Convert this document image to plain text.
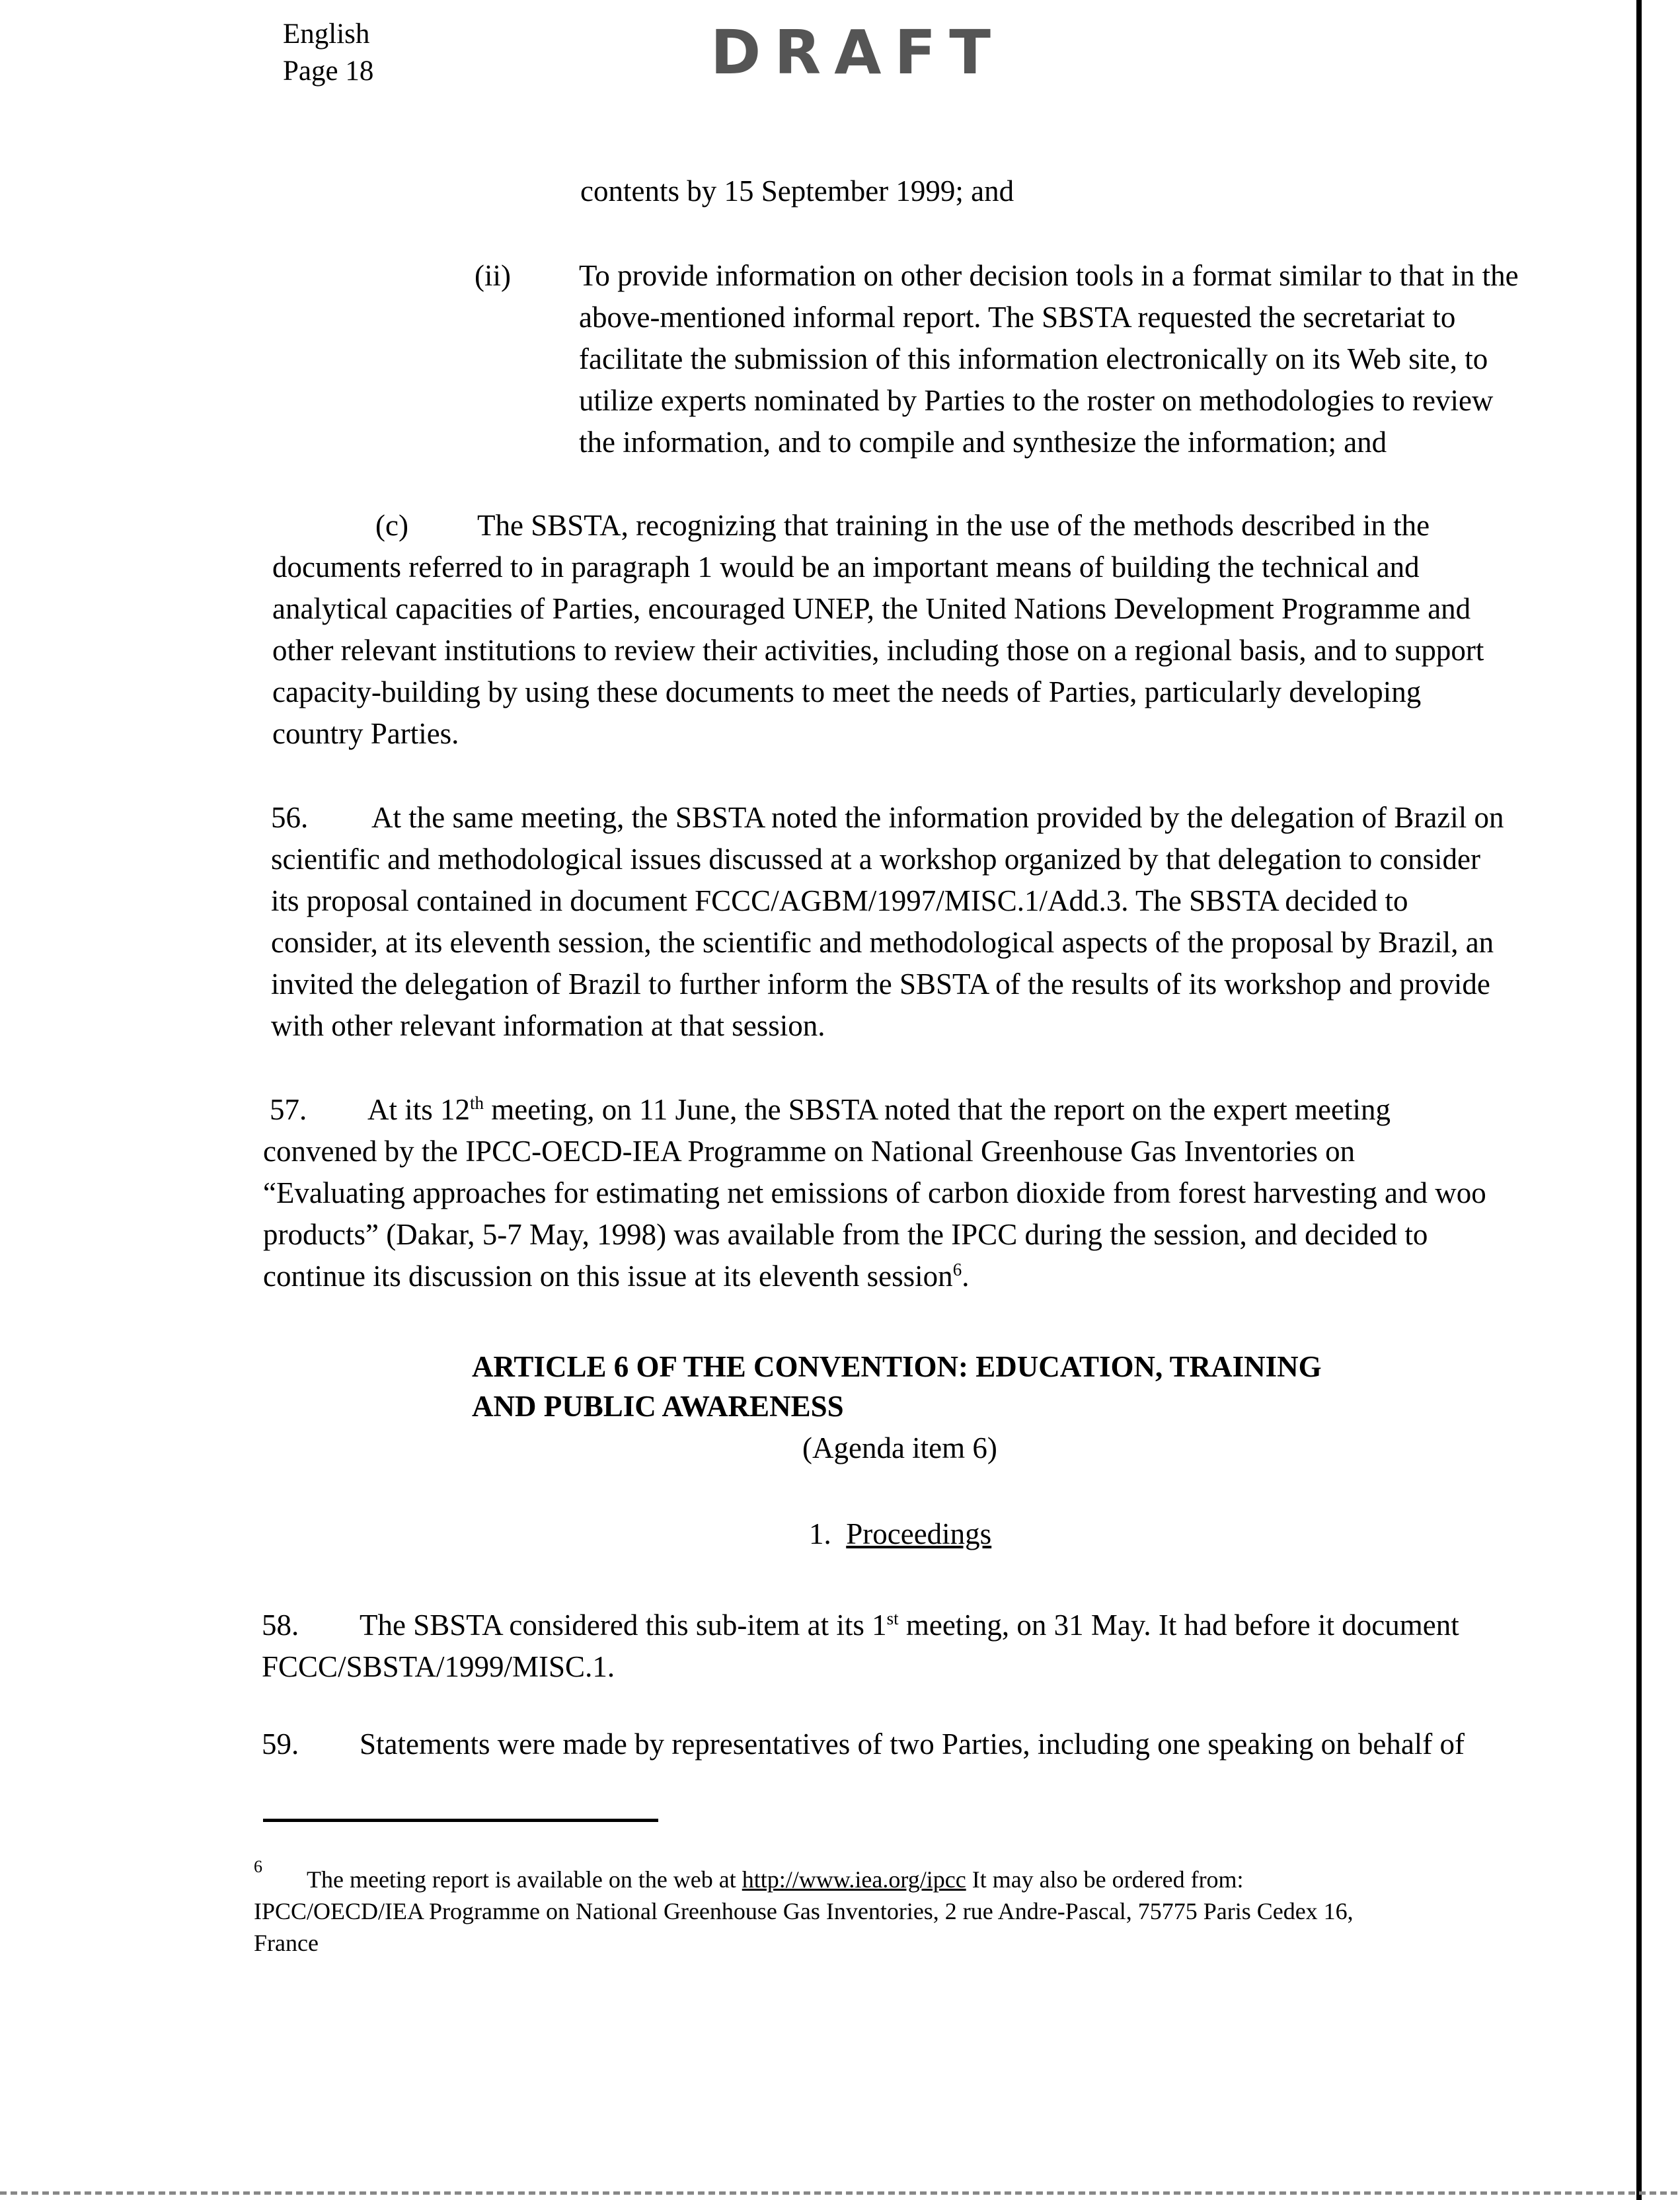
English
Page 18	DRAFT
contents by 15 September 1999; and
(ii) To provide information on other decision tools in a format similar to that in the
above-mentioned informal report. The SBSTA requested the secretariat to
facilitate the submission of this information electronically on its Web site, to
utilize experts nominated by Parties to the roster on methodologies to review
the information, and to compile and synthesize the information; and
(c) The SBSTA, recognizing that training in the use of the methods described in the
documents referred to in paragraph 1 would be an important means of building the technical and
analytical capacities of Parties, encouraged UNEP, the United Nations Development Programme and
other relevant institutions to review their activities, including those on a regional basis, and to support
capacity-building by using these documents to meet the needs of Parties, particularly developing
country Parties.
56. At the same meeting, the SBSTA noted the information provided by the delegation of Brazil on
scientific and methodological issues discussed at a workshop organized by that delegation to consider
its proposal contained in document FCCC/AGBM/1997/MISC.1/Add.3. The SBSTA decided to
consider, at its eleventh session, the scientific and methodological aspects of the proposal by Brazil, an
invited the delegation of Brazil to further inform the SBSTA of the results of its workshop and provide
with other relevant information at that session.
57. At its 12th meeting, on 11 June, the SBSTA noted that the report on the expert meeting
convened by the IPCC-OECD-IEA Programme on National Greenhouse Gas Inventories on
“Evaluating approaches for estimating net emissions of carbon dioxide from forest harvesting and woo
products” (Dakar, 5-7 May, 1998) was available from the IPCC during the session, and decided to
continue its discussion on this issue at its eleventh session$^6$.
ARTICLE 6 OF THE CONVENTION: EDUCATION, TRAINING
AND PUBLIC AWARENESS
(Agenda item 6)
1. Proceedings
58. The SBSTA considered this sub-item at its 1st meeting, on 31 May. It had before it document
FCCC/SBSTA/1999/MISC.1.
59. Statements were made by representatives of two Parties, including one speaking on behalf of
6 The meeting report is available on the web at http://www.iea.org/ipcc It may also be ordered from:
IPCC/OECD/IEA Programme on National Greenhouse Gas Inventories, 2 rue Andre-Pascal, 75775 Paris Cedex 16,
France
